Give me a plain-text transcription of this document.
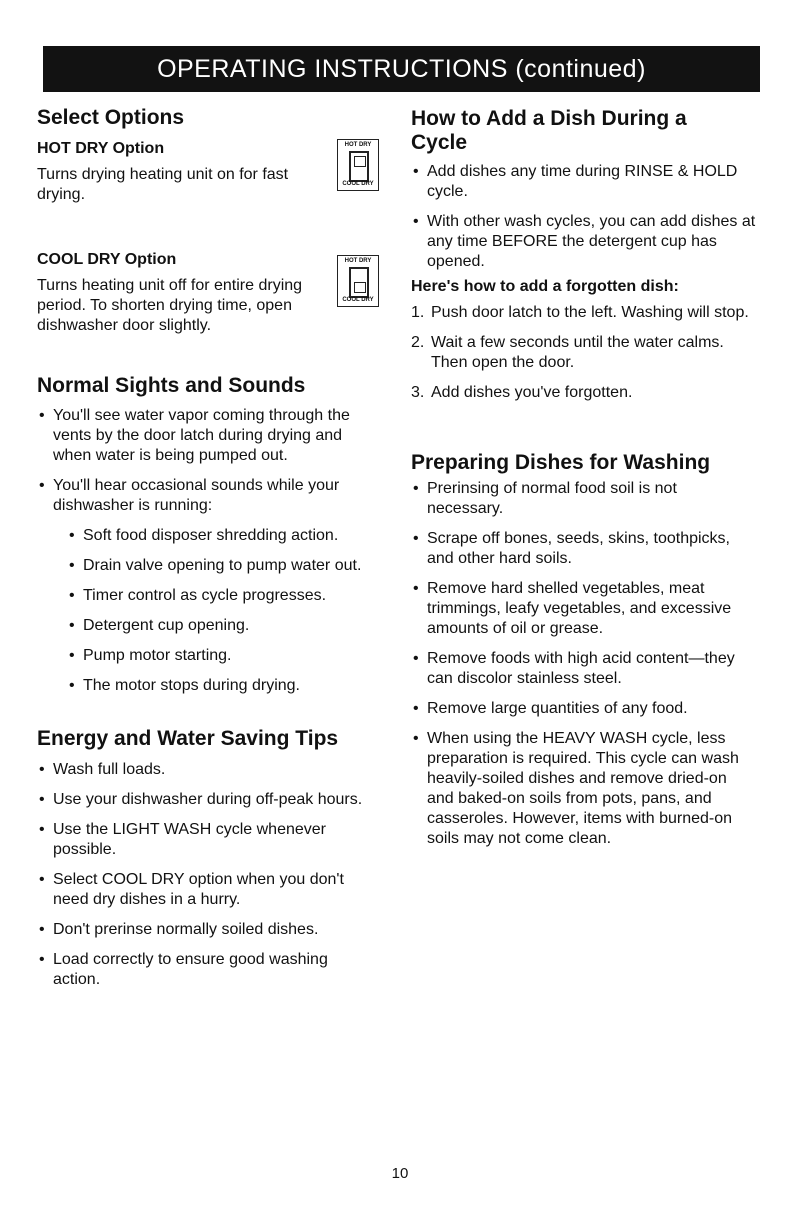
OPERATING INSTRUCTIONS (continued)
Select Options
HOT DRY Option

Turns drying heating unit on for fast drying.

HOT DRY
COOL DRY
COOL DRY Option

Turns heating unit off for entire drying period. To shorten drying time, open dishwasher door slightly.

HOT DRY
COOL DRY
Normal Sights and Sounds
• You'll see water vapor coming through the vents by the door latch during drying and when water is being pumped out.
• You'll hear occasional sounds while your dishwasher is running:
• Soft food disposer shredding action.
• Drain valve opening to pump water out.
• Timer control as cycle progresses.
• Detergent cup opening.
• Pump motor starting.
• The motor stops during drying.
Energy and Water Saving Tips
• Wash full loads.
• Use your dishwasher during off-peak hours.
• Use the LIGHT WASH cycle whenever possible.
• Select COOL DRY option when you don't need dry dishes in a hurry.
• Don't prerinse normally soiled dishes.
• Load correctly to ensure good washing action.
How to Add a Dish During a Cycle
• Add dishes any time during RINSE & HOLD cycle.
• With other wash cycles, you can add dishes at any time BEFORE the detergent cup has opened.
Here's how to add a forgotten dish:
1. Push door latch to the left. Washing will stop.
2. Wait a few seconds until the water calms. Then open the door.
3. Add dishes you've forgotten.
Preparing Dishes for Washing
• Prerinsing of normal food soil is not necessary.
• Scrape off bones, seeds, skins, toothpicks, and other hard soils.
• Remove hard shelled vegetables, meat trimmings, leafy vegetables, and excessive amounts of oil or grease.
• Remove foods with high acid content—they can discolor stainless steel.
• Remove large quantities of any food.
• When using the HEAVY WASH cycle, less preparation is required. This cycle can wash heavily-soiled dishes and remove dried-on and baked-on soils from pots, pans, and casseroles. However, items with burned-on soils may not come clean.
10
